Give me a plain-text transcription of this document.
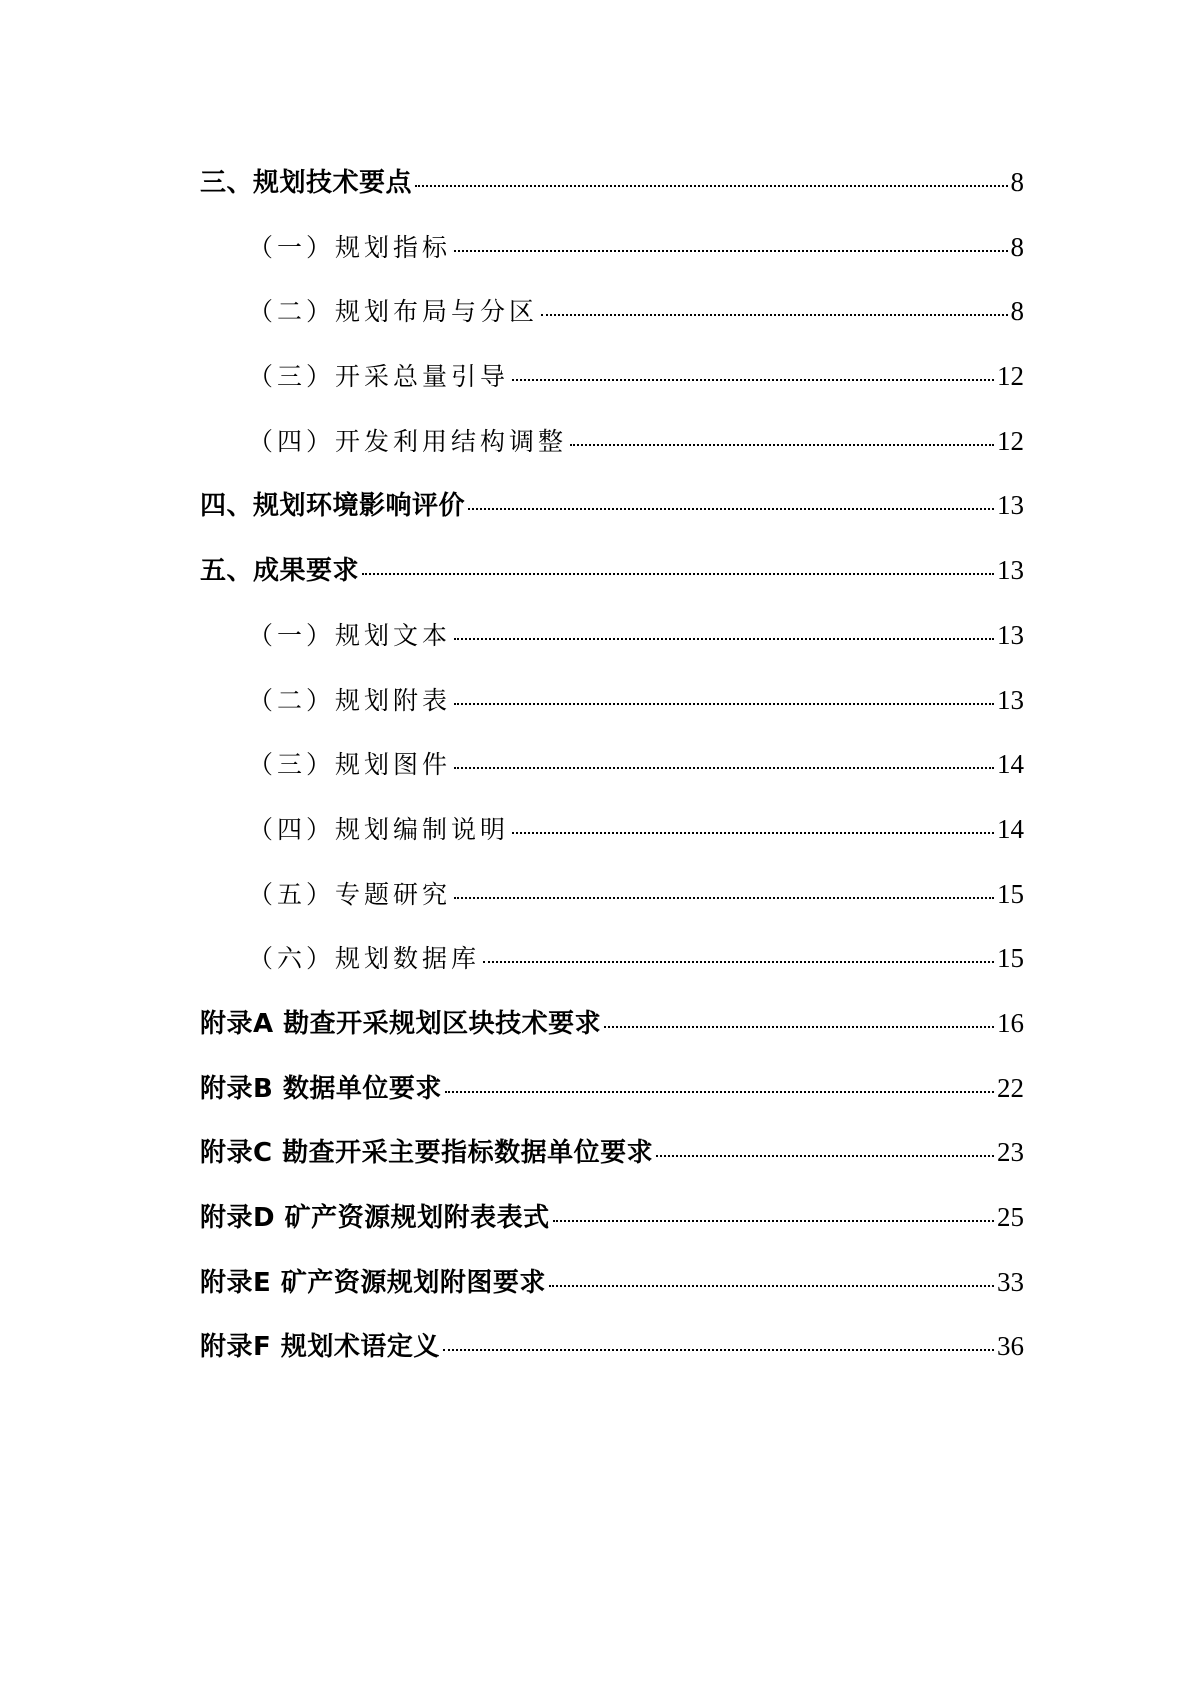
三、规划技术要点	8
（一）规划指标	8
（二）规划布局与分区	8
（三）开采总量引导	12
（四）开发利用结构调整	12
四、规划环境影响评价	13
五、成果要求	13
（一）规划文本	13
（二）规划附表	13
（三）规划图件	14
（四）规划编制说明	14
（五）专题研究	15
（六）规划数据库	15
附录A 勘查开采规划区块技术要求	16
附录B 数据单位要求	22
附录C 勘查开采主要指标数据单位要求	23
附录D 矿产资源规划附表表式	25
附录E 矿产资源规划附图要求	33
附录F 规划术语定义	36
